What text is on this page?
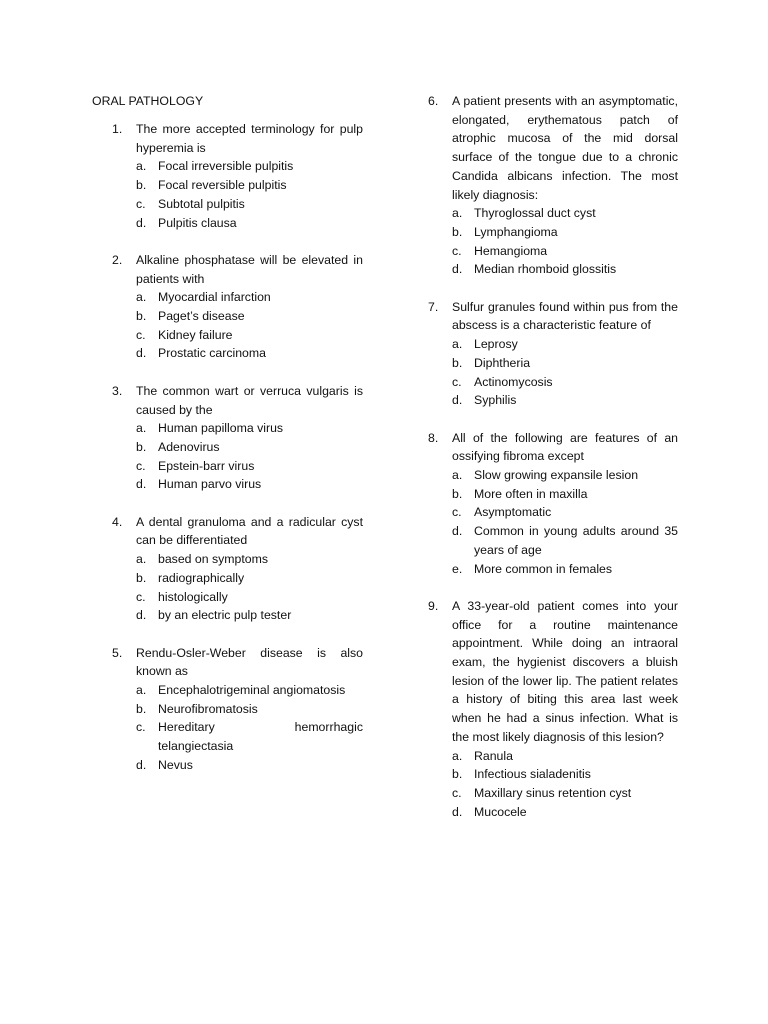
ORAL PATHOLOGY
1.	The more accepted terminology for pulp hyperemia is
a. Focal irreversible pulpitis
b. Focal reversible pulpitis
c.	Subtotal pulpitis
d. Pulpitis clausa
2.	Alkaline phosphatase will be elevated in patients with
a. Myocardial infarction
b. Paget’s disease
c.	Kidney failure
d. Prostatic carcinoma
3.	The common wart or verruca vulgaris is caused by the
a. Human papilloma virus
b. Adenovirus
c.	Epstein-barr virus
d. Human parvo virus
4.	A dental granuloma and a radicular cyst can be differentiated
a. based on symptoms
b. radiographically
c.	histologically
d. by an electric pulp tester
5.	Rendu-Osler-Weber disease is also known as
a. Encephalotrigeminal angiomatosis
b. Neurofibromatosis
c.	Hereditary hemorrhagic telangiectasia
d. Nevus
6.	A patient presents with an asymptomatic, elongated, erythematous patch of atrophic mucosa of the mid dorsal surface of the tongue due to a chronic Candida albicans infection. The most likely diagnosis:
a. Thyroglossal duct cyst
b. Lymphangioma
c.	Hemangioma
d. Median rhomboid glossitis
7.	Sulfur granules found within pus from the abscess is a characteristic feature of
a. Leprosy
b. Diphtheria
c.	Actinomycosis
d. Syphilis
8.	All of the following are features of an ossifying fibroma except
a. Slow growing expansile lesion
b. More often in maxilla
c.	Asymptomatic
d. Common in young adults around 35 years of age
e. More common in females
9.	A 33-year-old patient comes into your office for a routine maintenance appointment. While doing an intraoral exam, the hygienist discovers a bluish lesion of the lower lip. The patient relates a history of biting this area last week when he had a sinus infection. What is the most likely diagnosis of this lesion?
a. Ranula
b. Infectious sialadenitis
c.	Maxillary sinus retention cyst
d. Mucocele
